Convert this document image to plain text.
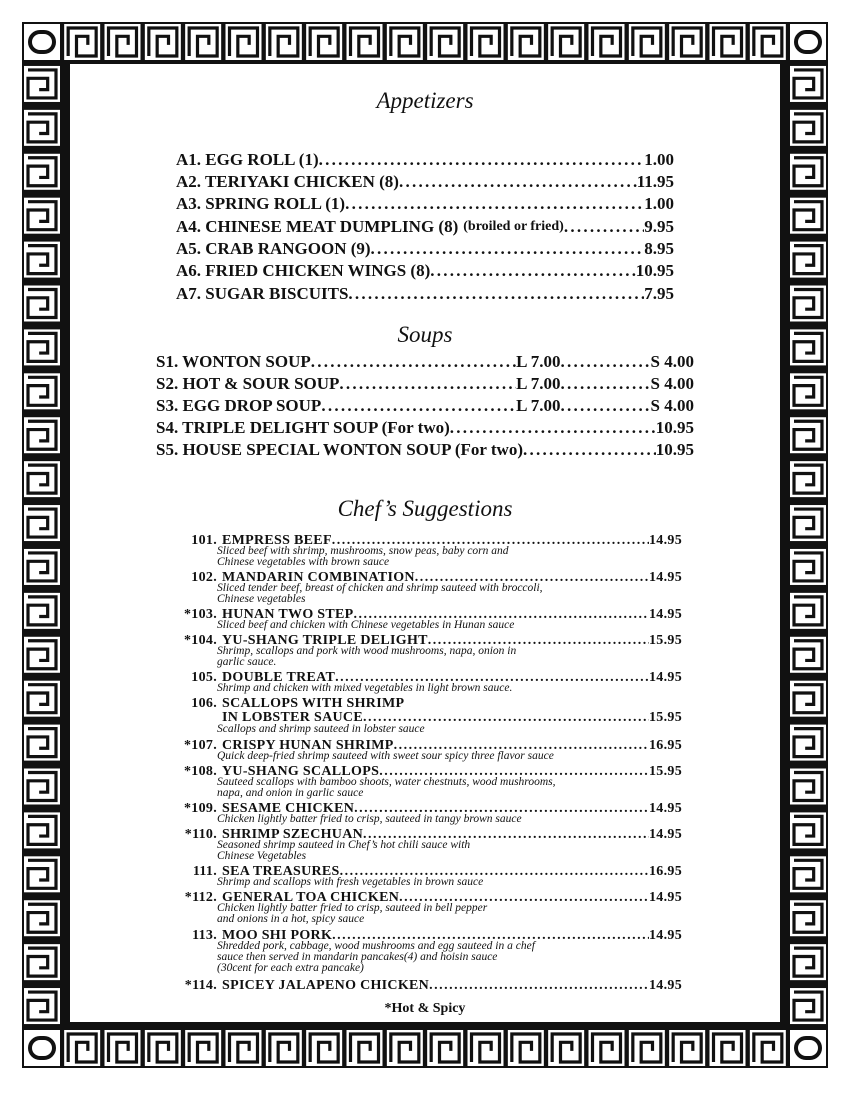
Appetizers
A1. EGG ROLL (1) . . .	1.00
A2. TERIYAKI CHICKEN (8) . . .	11.95
A3. SPRING ROLL (1) . . .	1.00
A4. CHINESE MEAT DUMPLING (8) (broiled or fried) . . .	9.95
A5. CRAB RANGOON (9) . . .	8.95
A6. FRIED CHICKEN WINGS (8) . . .	10.95
A7. SUGAR BISCUITS . . .	7.95
Soups
S1. WONTON SOUP . . .	L 7.00 . . .	S 4.00
S2. HOT & SOUR SOUP . . .	L 7.00 . . .	S 4.00
S3. EGG DROP SOUP . . .	L 7.00 . . .	S 4.00
S4. TRIPLE DELIGHT SOUP (For two) . . .	10.95
S5. HOUSE SPECIAL WONTON SOUP (For two) . . .	10.95
Chef’s Suggestions
101. EMPRESS BEEF . . .	14.95
Sliced beef with shrimp, mushrooms, snow peas, baby corn and
Chinese vegetables with brown sauce
102. MANDARIN COMBINATION . . .	14.95
Sliced tender beef, breast of chicken and shrimp sauteed with broccoli,
Chinese vegetables
*103. HUNAN TWO STEP . . .	14.95
Sliced beef and chicken with Chinese vegetables in Hunan sauce
*104. YU-SHANG TRIPLE DELIGHT . . .	15.95
Shrimp, scallops and pork with wood mushrooms, napa, onion in
garlic sauce.
105. DOUBLE TREAT . . .	14.95
Shrimp and chicken with mixed vegetables in light brown sauce.
106. SCALLOPS WITH SHRIMP
IN LOBSTER SAUCE . . .	15.95
Scallops and shrimp sauteed in lobster sauce
*107. CRISPY HUNAN SHRIMP . . .	16.95
Quick deep-fried shrimp sauteed with sweet sour spicy three flavor sauce
*108. YU-SHANG SCALLOPS . . .	15.95
Sauteed scallops with bamboo shoots, water chestnuts, wood mushrooms,
napa, and onion in garlic sauce
*109. SESAME CHICKEN . . .	14.95
Chicken lightly batter fried to crisp, sauteed in tangy brown sauce
*110. SHRIMP SZECHUAN . . .	14.95
Seasoned shrimp sauteed in Chef’s hot chili sauce with
Chinese Vegetables
111. SEA TREASURES . . .	16.95
Shrimp and scallops with fresh vegetables in brown sauce
*112. GENERAL TOA CHICKEN . . .	14.95
Chicken lightly batter fried to crisp, sauteed in bell pepper
and onions in a hot, spicy sauce
113. MOO SHI PORK . . .	14.95
Shredded pork, cabbage, wood mushrooms and egg sauteed in a chef
sauce then served in mandarin pancakes(4) and hoisin sauce
(30cent for each extra pancake)
*114. SPICEY JALAPENO CHICKEN . . .	14.95
*Hot & Spicy
